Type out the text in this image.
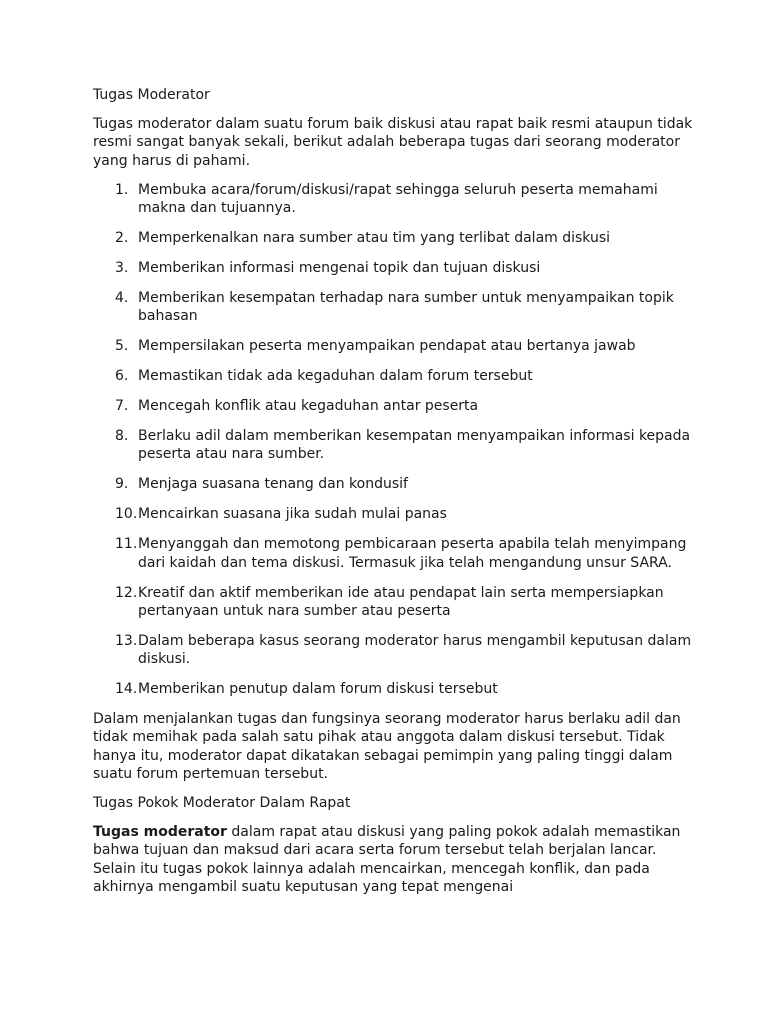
Tugas Moderator

Tugas moderator dalam suatu forum baik diskusi atau rapat baik resmi ataupun tidak resmi sangat banyak sekali, berikut adalah beberapa tugas dari seorang moderator yang harus di pahami.

1. Membuka acara/forum/diskusi/rapat sehingga seluruh peserta memahami makna dan tujuannya.
2. Memperkenalkan nara sumber atau tim yang terlibat dalam diskusi
3. Memberikan informasi mengenai topik dan tujuan diskusi
4. Memberikan kesempatan terhadap nara sumber untuk menyampaikan topik bahasan
5. Mempersilakan peserta menyampaikan pendapat atau bertanya jawab
6. Memastikan tidak ada kegaduhan dalam forum tersebut
7. Mencegah konflik atau kegaduhan antar peserta
8. Berlaku adil dalam memberikan kesempatan menyampaikan informasi kepada peserta atau nara sumber.
9. Menjaga suasana tenang dan kondusif
10. Mencairkan suasana jika sudah mulai panas
11. Menyanggah dan memotong pembicaraan peserta apabila telah menyimpang dari kaidah dan tema diskusi. Termasuk jika telah mengandung unsur SARA.
12. Kreatif dan aktif memberikan ide atau pendapat lain serta mempersiapkan pertanyaan untuk nara sumber atau peserta
13. Dalam beberapa kasus seorang moderator harus mengambil keputusan dalam diskusi.
14. Memberikan penutup dalam forum diskusi tersebut

Dalam menjalankan tugas dan fungsinya seorang moderator harus berlaku adil dan tidak memihak pada salah satu pihak atau anggota dalam diskusi tersebut. Tidak hanya itu, moderator dapat dikatakan sebagai pemimpin yang paling tinggi dalam suatu forum pertemuan tersebut.

Tugas Pokok Moderator Dalam Rapat

Tugas moderator dalam rapat atau diskusi yang paling pokok adalah memastikan bahwa tujuan dan maksud dari acara serta forum tersebut telah berjalan lancar. Selain itu tugas pokok lainnya adalah mencairkan, mencegah konflik, dan pada akhirnya mengambil suatu keputusan yang tepat mengenai
